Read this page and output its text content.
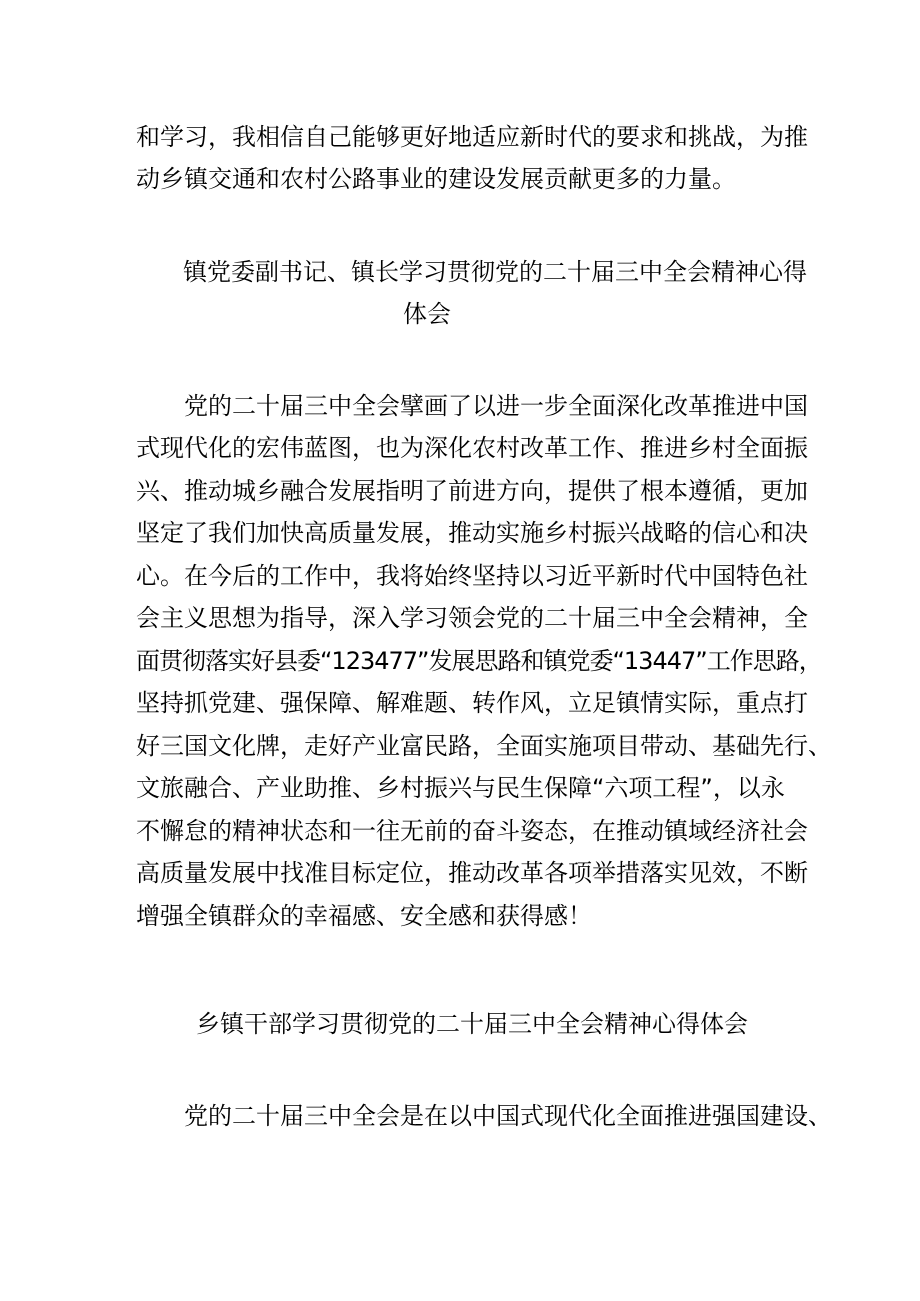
和学习，我相信自己能够更好地适应新时代的要求和挑战，为推
动乡镇交通和农村公路事业的建设发展贡献更多的力量。
镇党委副书记、镇长学习贯彻党的二十届三中全会精神心得
体会
党的二十届三中全会擘画了以进一步全面深化改革推进中国
式现代化的宏伟蓝图，也为深化农村改革工作、推进乡村全面振
兴、推动城乡融合发展指明了前进方向，提供了根本遵循，更加
坚定了我们加快高质量发展，推动实施乡村振兴战略的信心和决
心。在今后的工作中，我将始终坚持以习近平新时代中国特色社
会主义思想为指导，深入学习领会党的二十届三中全会精神，全
面贯彻落实好县委“123477”发展思路和镇党委“13447”工作思路，
坚持抓党建、强保障、解难题、转作风，立足镇情实际，重点打
好三国文化牌，走好产业富民路，全面实施项目带动、基础先行、
文旅融合、产业助推、乡村振兴与民生保障“六项工程”，以永
不懈怠的精神状态和一往无前的奋斗姿态，在推动镇域经济社会
高质量发展中找准目标定位，推动改革各项举措落实见效，不断
增强全镇群众的幸福感、安全感和获得感！
乡镇干部学习贯彻党的二十届三中全会精神心得体会
党的二十届三中全会是在以中国式现代化全面推进强国建设、
